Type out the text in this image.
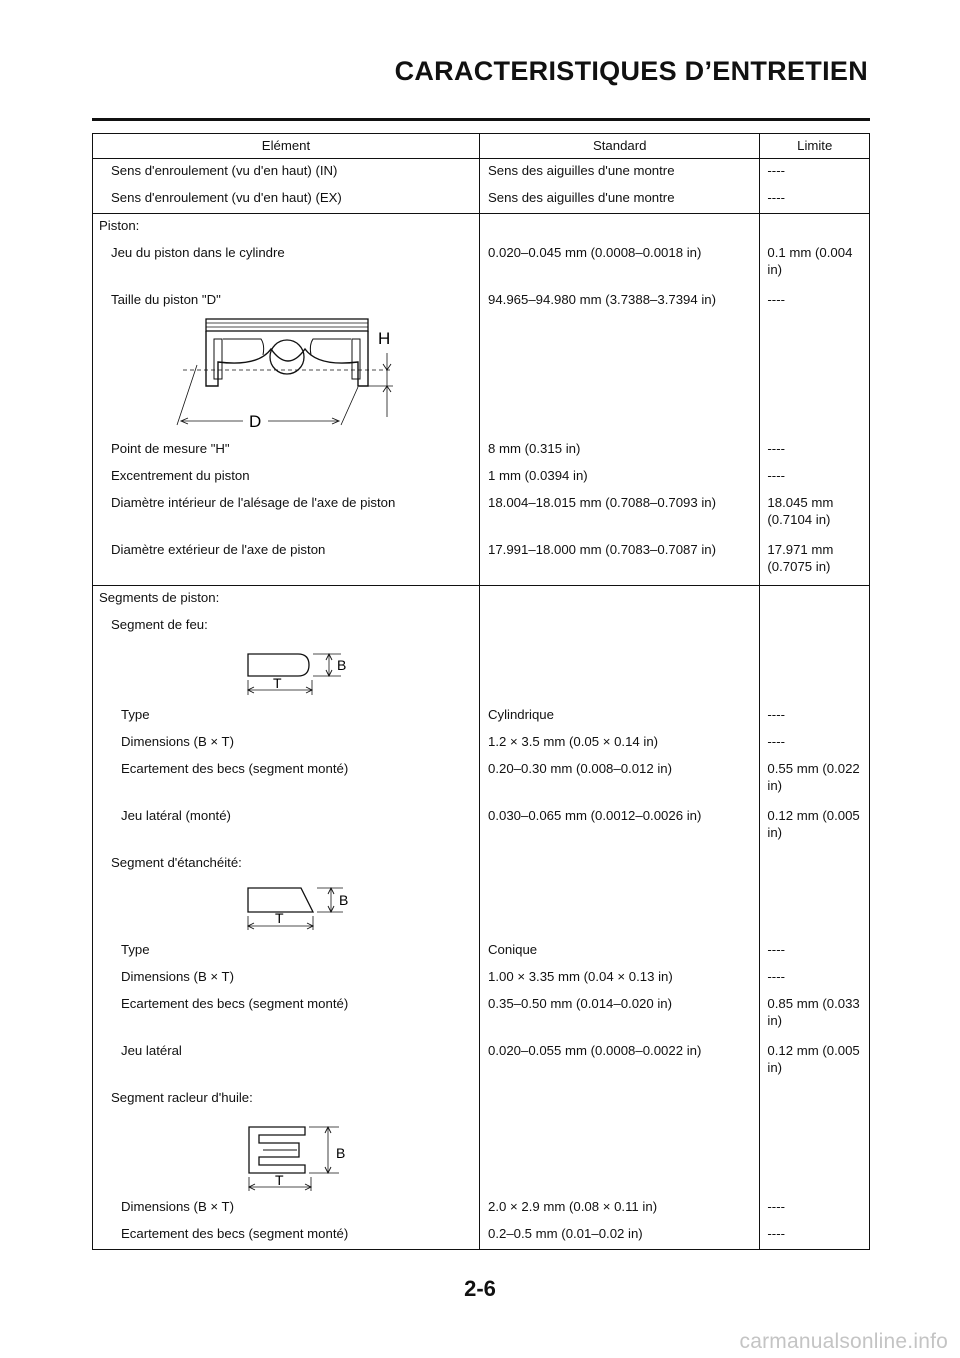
CARACTERISTIQUES D’ENTRETIEN
Elément	Standard	Limite
Sens d'enroulement (vu d'en haut) (IN)	Sens des aiguilles d'une montre	----
Sens d'enroulement (vu d'en haut) (EX)	Sens des aiguilles d'une montre	----
Piston:		
Jeu du piston dans le cylindre	0.020–0.045 mm (0.0008–0.0018 in)	0.1 mm (0.004 in)
Taille du piston "D"	94.965–94.980 mm (3.7388–3.7394 in)	----

H
D		

Point de mesure "H"	8 mm (0.315 in)	----
Excentrement du piston	1 mm (0.0394 in)	----
Diamètre intérieur de l'alésage de l'axe de piston	18.004–18.015 mm (0.7088–0.7093 in)	18.045 mm (0.7104 in)
Diamètre extérieur de l'axe de piston	17.991–18.000 mm (0.7083–0.7087 in)	17.971 mm (0.7075 in)
Segments de piston:		
Segment de feu:		

B
T		

Type	Cylindrique	----
Dimensions (B × T)	1.2 × 3.5 mm (0.05 × 0.14 in)	----
Ecartement des becs (segment monté)	0.20–0.30 mm (0.008–0.012 in)	0.55 mm (0.022 in)
Jeu latéral (monté)	0.030–0.065 mm (0.0012–0.0026 in)	0.12 mm (0.005 in)
Segment d'étanchéité:		

B
T		

Type	Conique	----
Dimensions (B × T)	1.00 × 3.35 mm (0.04 × 0.13 in)	----
Ecartement des becs (segment monté)	0.35–0.50 mm (0.014–0.020 in)	0.85 mm (0.033 in)
Jeu latéral	0.020–0.055 mm (0.0008–0.0022 in)	0.12 mm (0.005 in)
Segment racleur d'huile:		

B
T		

Dimensions (B × T)	2.0 × 2.9 mm (0.08 × 0.11 in)	----
Ecartement des becs (segment monté)	0.2–0.5 mm (0.01–0.02 in)	----
2-6
carmanualsonline.info
